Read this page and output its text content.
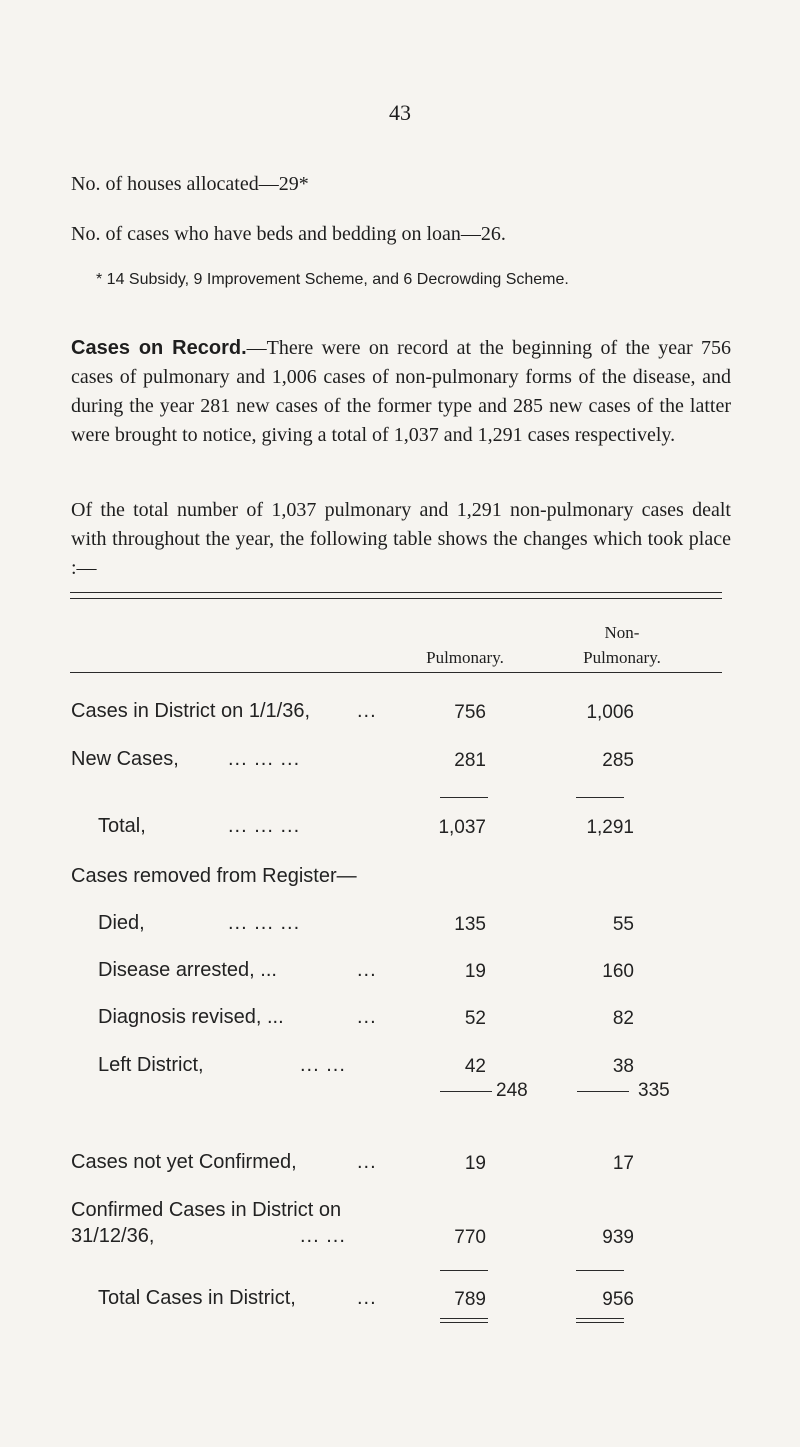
43
No. of houses allocated—29*
No. of cases who have beds and bedding on loan—26.
* 14 Subsidy, 9 Improvement Scheme, and 6 Decrowding Scheme.
Cases on Record.—There were on record at the beginning of the year 756 cases of pulmonary and 1,006 cases of non-pulmonary forms of the disease, and during the year 281 new cases of the former type and 285 new cases of the latter were brought to notice, giving a total of 1,037 and 1,291 cases respectively.
Of the total number of 1,037 pulmonary and 1,291 non-pulmonary cases dealt with throughout the year, the following table shows the changes which took place :—
Pulmonary.
Non-
Pulmonary.
Cases in District on 1/1/36, ...	756	1,006
New Cases, ... ... ...	281	285
Total,	... ... ...	1,037	1,291
Cases removed from Register—
Died,	... ... ...	135	55
Disease arrested, ...	...	19	160
Diagnosis revised, ...	...	52	82
Left District,	... ...	42	38
248	335
Cases not yet Confirmed,	...	19	17
Confirmed Cases in District on
31/12/36,	... ...	770	939
Total Cases in District,	...	789	956
